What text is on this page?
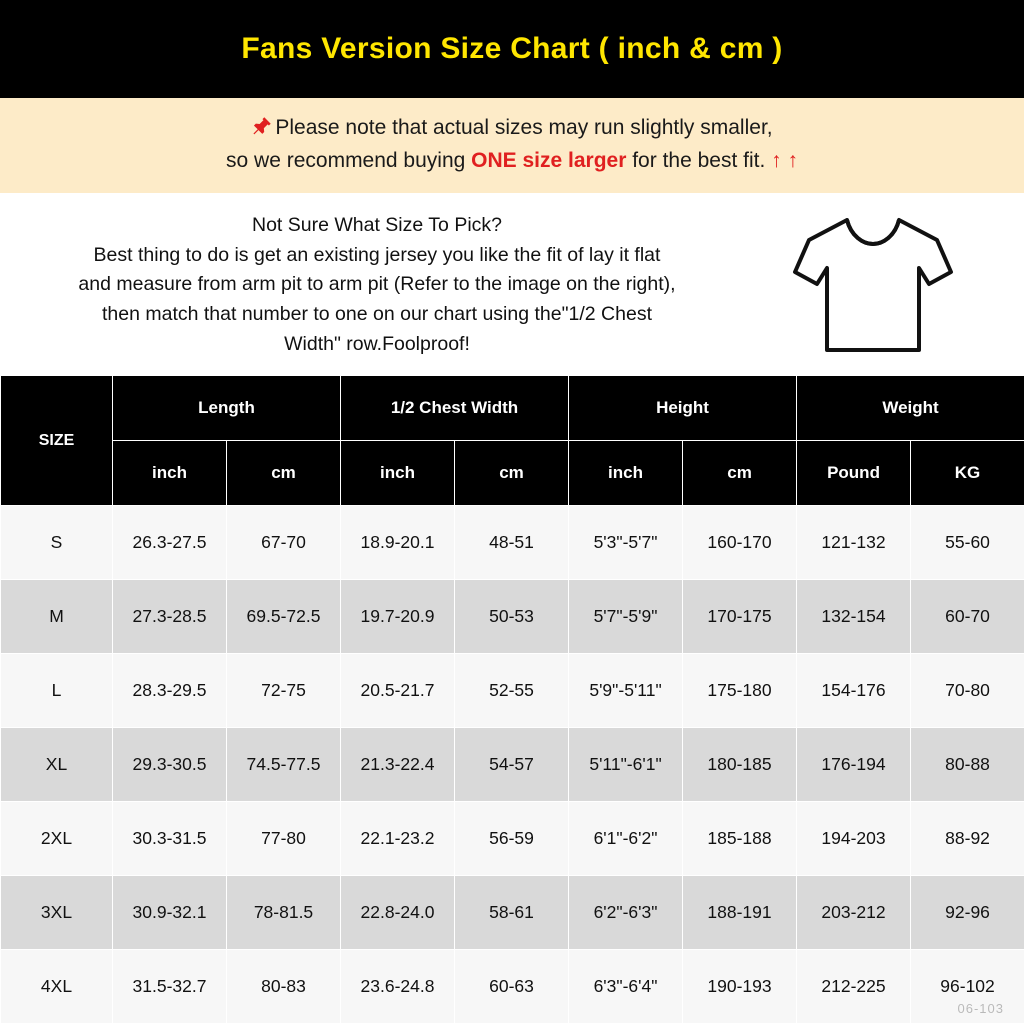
Fans Version Size Chart ( inch & cm )
Please note that actual sizes may run slightly smaller,
so we recommend buying ONE size larger for the best fit. ↑ ↑
Not Sure What Size To Pick?
Best thing to do is get an existing jersey you like the fit of lay it flat
and measure from arm pit to arm pit (Refer to the image on the right),
then match that number to one on our chart using the"1/2 Chest
Width" row.Foolproof!
SIZE	Length		1/2 Chest Width		Height		Weight	
	inch	cm	inch	cm	inch	cm	Pound	KG
S	26.3-27.5	67-70	18.9-20.1	48-51	5'3"-5'7"	160-170	121-132	55-60
M	27.3-28.5	69.5-72.5	19.7-20.9	50-53	5'7"-5'9"	170-175	132-154	60-70
L	28.3-29.5	72-75	20.5-21.7	52-55	5'9"-5'11"	175-180	154-176	70-80
XL	29.3-30.5	74.5-77.5	21.3-22.4	54-57	5'11"-6'1"	180-185	176-194	80-88
2XL	30.3-31.5	77-80	22.1-23.2	56-59	6'1"-6'2"	185-188	194-203	88-92
3XL	30.9-32.1	78-81.5	22.8-24.0	58-61	6'2"-6'3"	188-191	203-212	92-96
4XL	31.5-32.7	80-83	23.6-24.8	60-63	6'3"-6'4"	190-193	212-225	96-102
06-103
